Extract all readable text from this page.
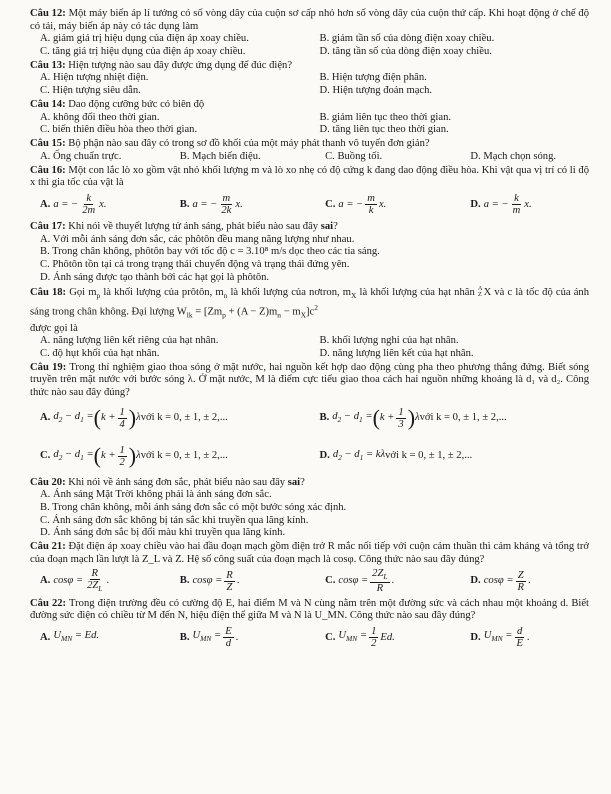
Câu 12: Một máy biến áp lí tưởng có số vòng dây của cuộn sơ cấp nhỏ hơn số vòng dây của cuộn thứ cấp. Khi hoạt động ở chế độ có tải, máy biến áp này có tác dụng làm
A. giảm giá trị hiệu dụng của điện áp xoay chiều.	B. giảm tần số của dòng điện xoay chiều.
C. tăng giá trị hiệu dụng của điện áp xoay chiều.	D. tăng tần số của dòng điện xoay chiều.
Câu 13: Hiện tượng nào sau đây được ứng dụng để đúc điện?
A. Hiện tượng nhiệt điện.	B. Hiện tượng điện phân.
C. Hiện tượng siêu dẫn.	D. Hiện tượng đoản mạch.
Câu 14: Dao động cưỡng bức có biên độ
A. không đổi theo thời gian.	B. giảm liên tục theo thời gian.
C. biến thiên điều hòa theo thời gian.	D. tăng liên tục theo thời gian.
Câu 15: Bộ phận nào sau đây có trong sơ đồ khối của một máy phát thanh vô tuyến đơn giản?
A. Ống chuẩn trực.	B. Mạch biến điệu.	C. Buồng tối.	D. Mạch chọn sóng.
Câu 16: Một con lắc lò xo gồm vật nhỏ khối lượng m và lò xo nhẹ có độ cứng k đang dao động điều hòa. Khi vật qua vị trí có li độ x thì gia tốc của vật là
A. a = − $\frac{k}{2m} x$.	B. a = − $\frac{m}{2k} x$.	C. a = − $\frac{m}{k} x$.	D. a = − $\frac{k}{m} x$.
Câu 17: Khi nói về thuyết lượng tử ánh sáng, phát biểu nào sau đây sai?
A. Với mỗi ánh sáng đơn sắc, các phôtôn đều mang năng lượng như nhau.
B. Trong chân không, phôtôn bay với tốc độ c = 3.10⁸ m/s dọc theo các tia sáng.
C. Phôtôn tồn tại cả trong trạng thái chuyển động và trạng thái đứng yên.
D. Ánh sáng được tạo thành bởi các hạt gọi là phôtôn.
Câu 18: Gọi $m_p$ là khối lượng của prôtôn, $m_n$ là khối lượng của nơtron, $m_X$ là khối lượng của hạt nhân A
Z X và c là tốc độ của ánh sáng trong chân không. Đại lượng $W_{lk} = [Zm_p + (A - Z)m_n - m_X]c^2$
được gọi là
A. năng lượng liên kết riêng của hạt nhân.	B. khối lượng nghỉ của hạt nhân.
C. độ hụt khối của hạt nhân.	D. năng lượng liên kết của hạt nhân.
Câu 19: Trong thí nghiệm giao thoa sóng ở mặt nước, hai nguồn kết hợp dao động cùng pha theo phương thẳng đứng. Biết sóng truyền trên mặt nước với bước sóng λ. Ở mặt nước, M là điểm cực tiểu giao thoa cách hai nguồn những khoảng là d₁ và d₂. Công thức nào sau đây đúng?
A. $d_2 - d_1$ = ( $k + \frac{1}{4}$ ) λ với k = 0, ± 1, ± 2,...	B. $d_2 - d_1$ = ( $k + \frac{1}{3}$ ) λ với k = 0, ± 1, ± 2,...
C. $d_2 - d_1$ = ( $k + \frac{1}{2}$ ) λ với k = 0, ± 1, ± 2,...	D. $d_2 - d_1 = k\lambda$ với k = 0, ± 1, ± 2,...
Câu 20: Khi nói về ánh sáng đơn sắc, phát biểu nào sau đây sai?
A. Ánh sáng Mặt Trời không phải là ánh sáng đơn sắc.
B. Trong chân không, mỗi ánh sáng đơn sắc có một bước sóng xác định.
C. Ánh sáng đơn sắc không bị tán sắc khi truyền qua lăng kính.
D. Ánh sáng đơn sắc bị đổi màu khi truyền qua lăng kính.
Câu 21: Đặt điện áp xoay chiều vào hai đầu đoạn mạch gồm điện trở R mắc nối tiếp với cuộn cảm thuần thì cảm kháng và tổng trở của đoạn mạch lần lượt là Z_L và Z. Hệ số công suất của đoạn mạch là cosφ. Công thức nào sau đây đúng?
A. $\cos\varphi = \frac{R}{2Z_L}$ .	B. $\cos\varphi = \frac{R}{Z}$ .	C. $\cos\varphi = \frac{2Z_L}{R}$ .	D. $\cos\varphi = \frac{Z}{R}$ .
Câu 22: Trong điện trường đều có cường độ E, hai điểm M và N cùng nằm trên một đường sức và cách nhau một khoảng d. Biết đường sức điện có chiều từ M đến N, hiệu điện thế giữa M và N là U_MN. Công thức nào sau đây đúng?
A. $U_{MN} = Ed$.	B. $U_{MN} = \frac{E}{d}$ .	C. $U_{MN} = \frac{1}{2} Ed$.	D. $U_{MN} = \frac{d}{E}$ .
